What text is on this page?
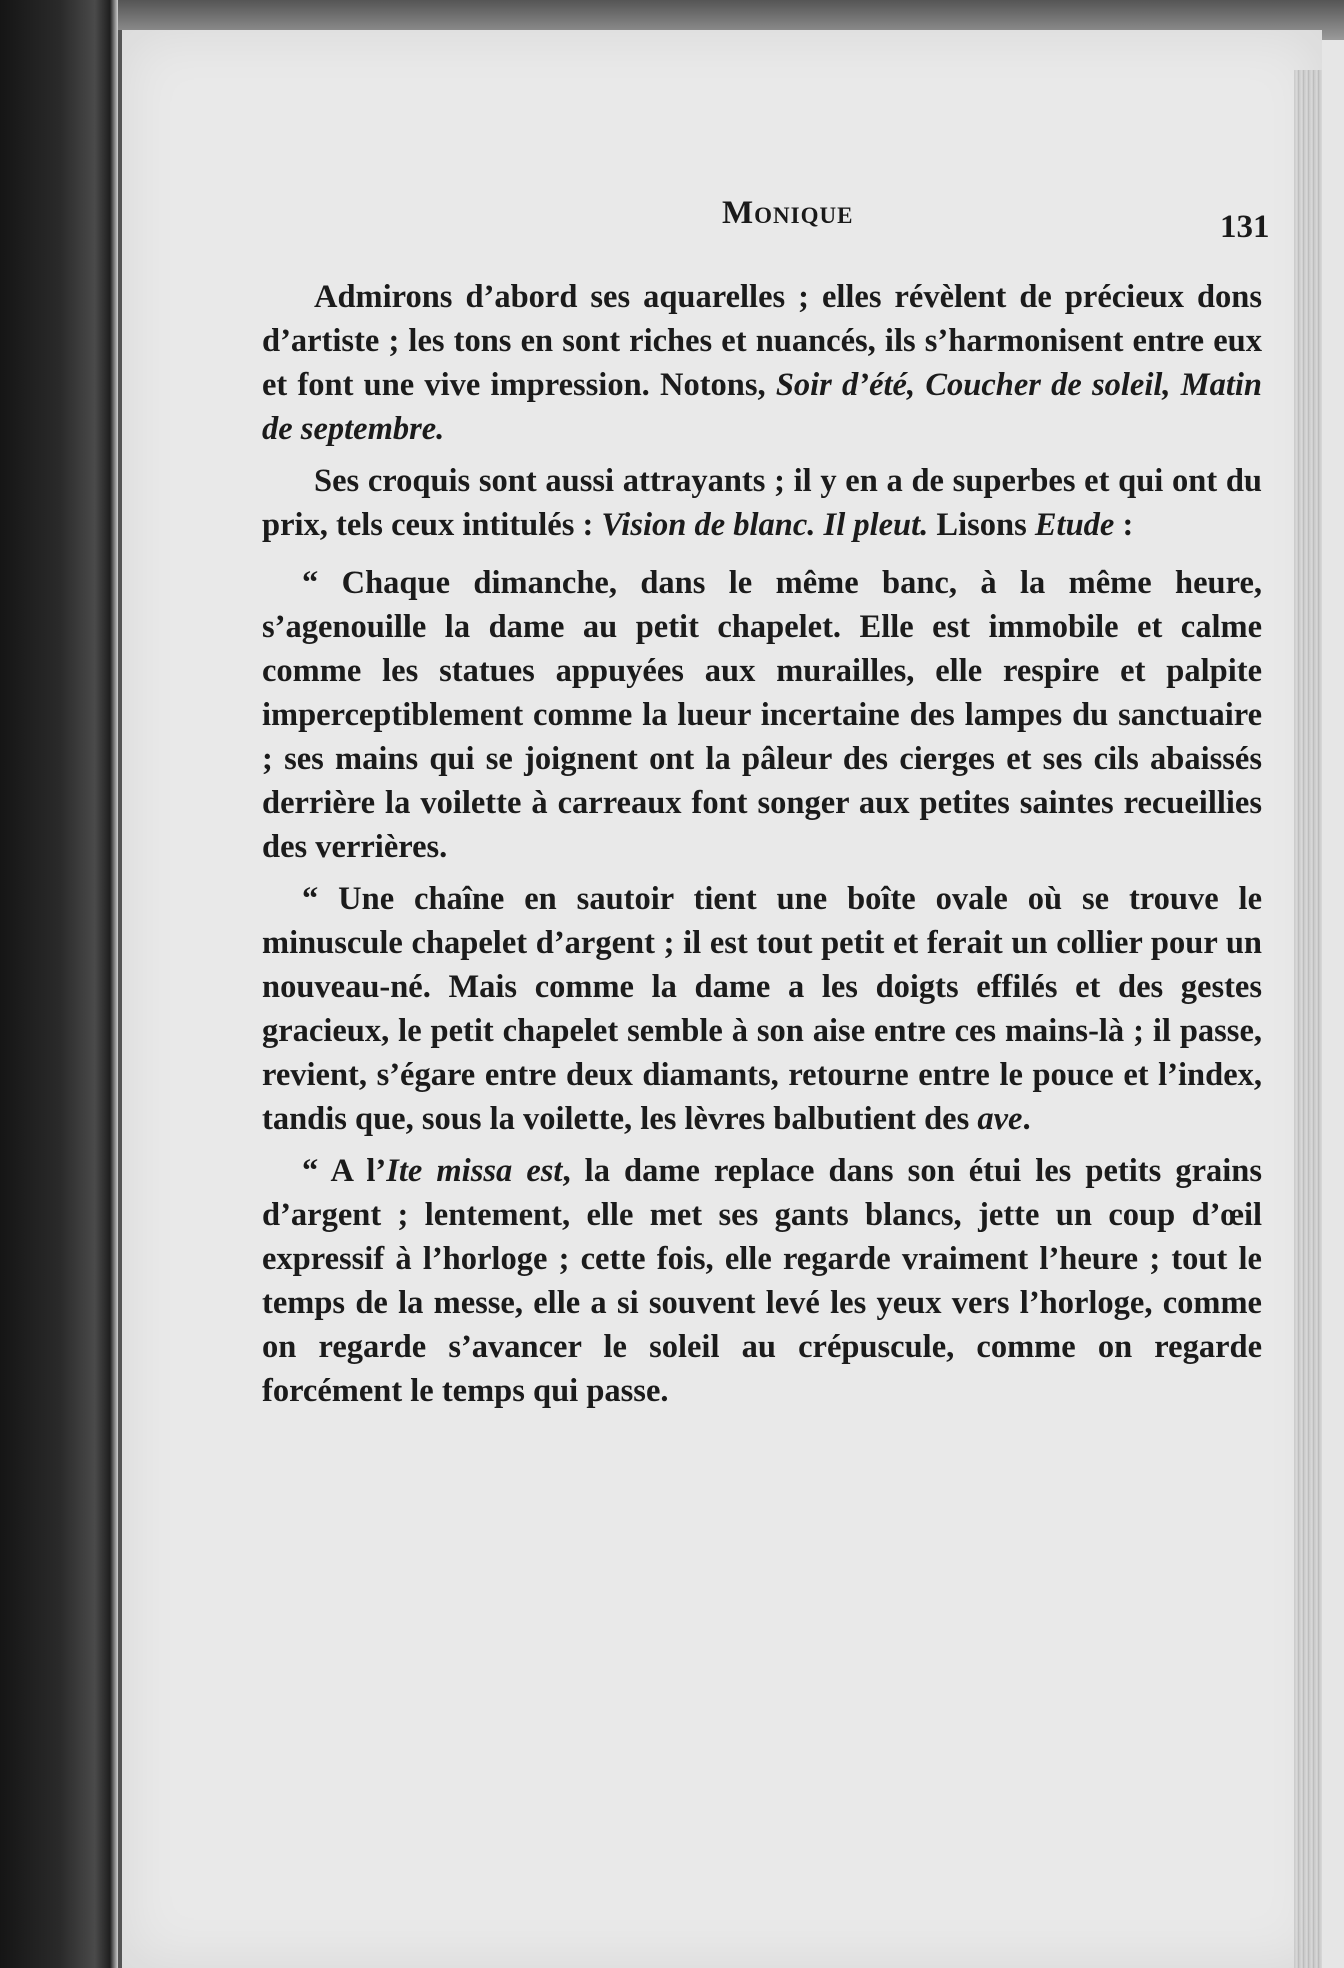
Monique	131

Admirons d’abord ses aquarelles ; elles révèlent de précieux dons d’artiste ; les tons en sont riches et nuancés, ils s’harmonisent entre eux et font une vive impression. Notons, Soir d’été, Coucher de soleil, Matin de septembre.

Ses croquis sont aussi attrayants ; il y en a de superbes et qui ont du prix, tels ceux intitulés : Vision de blanc. Il pleut. Lisons Etude :

“ Chaque dimanche, dans le même banc, à la même heure, s’agenouille la dame au petit chapelet. Elle est immobile et calme comme les statues appuyées aux murailles, elle respire et palpite imperceptiblement comme la lueur incertaine des lampes du sanctuaire ; ses mains qui se joignent ont la pâleur des cierges et ses cils abaissés derrière la voilette à carreaux font songer aux petites saintes recueillies des verrières.

“ Une chaîne en sautoir tient une boîte ovale où se trouve le minuscule chapelet d’argent ; il est tout petit et ferait un collier pour un nouveau-né. Mais comme la dame a les doigts effilés et des gestes gracieux, le petit chapelet semble à son aise entre ces mains-là ; il passe, revient, s’égare entre deux diamants, retourne entre le pouce et l’index, tandis que, sous la voilette, les lèvres balbutient des ave.

“ A l’Ite missa est, la dame replace dans son étui les petits grains d’argent ; lentement, elle met ses gants blancs, jette un coup d’œil expressif à l’horloge ; cette fois, elle regarde vraiment l’heure ; tout le temps de la messe, elle a si souvent levé les yeux vers l’horloge, comme on regarde s’avancer le soleil au crépuscule, comme on regarde forcément le temps qui passe.
